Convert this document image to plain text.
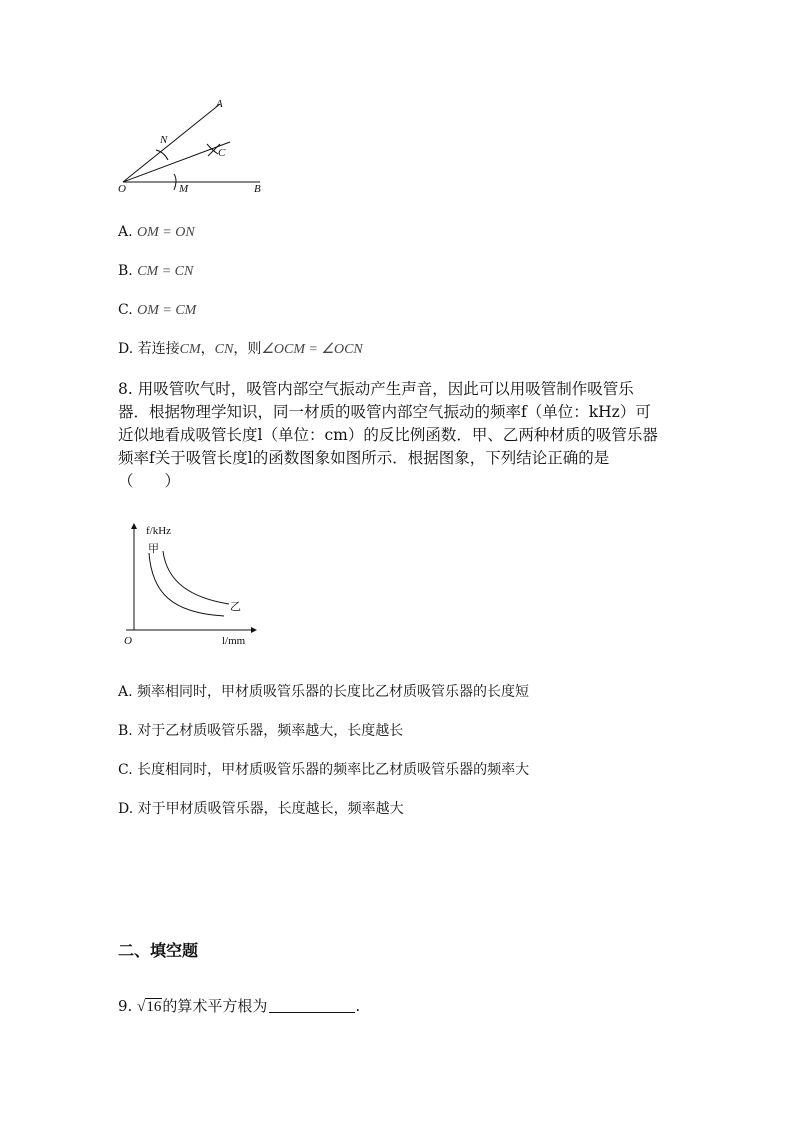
A
N
C
O	M	B
A. OM = ON
B. CM = CN
C. OM = CM
D. 若连接CM，CN，则∠OCM = ∠OCN
8. 用吸管吹气时，吸管内部空气振动产生声音，因此可以用吸管制作吸管乐
器．根据物理学知识，同一材质的吸管内部空气振动的频率f（单位：kHz）可
近似地看成吸管长度l（单位：cm）的反比例函数．甲、乙两种材质的吸管乐器
频率f关于吸管长度l的函数图象如图所示．根据图象，下列结论正确的是
（　　）
f/kHz
甲
乙
O	l/mm
A. 频率相同时，甲材质吸管乐器的长度比乙材质吸管乐器的长度短
B. 对于乙材质吸管乐器，频率越大，长度越长
C. 长度相同时，甲材质吸管乐器的频率比乙材质吸管乐器的频率大
D. 对于甲材质吸管乐器，长度越长，频率越大
二、填空题
9. √16的算术平方根为	.
